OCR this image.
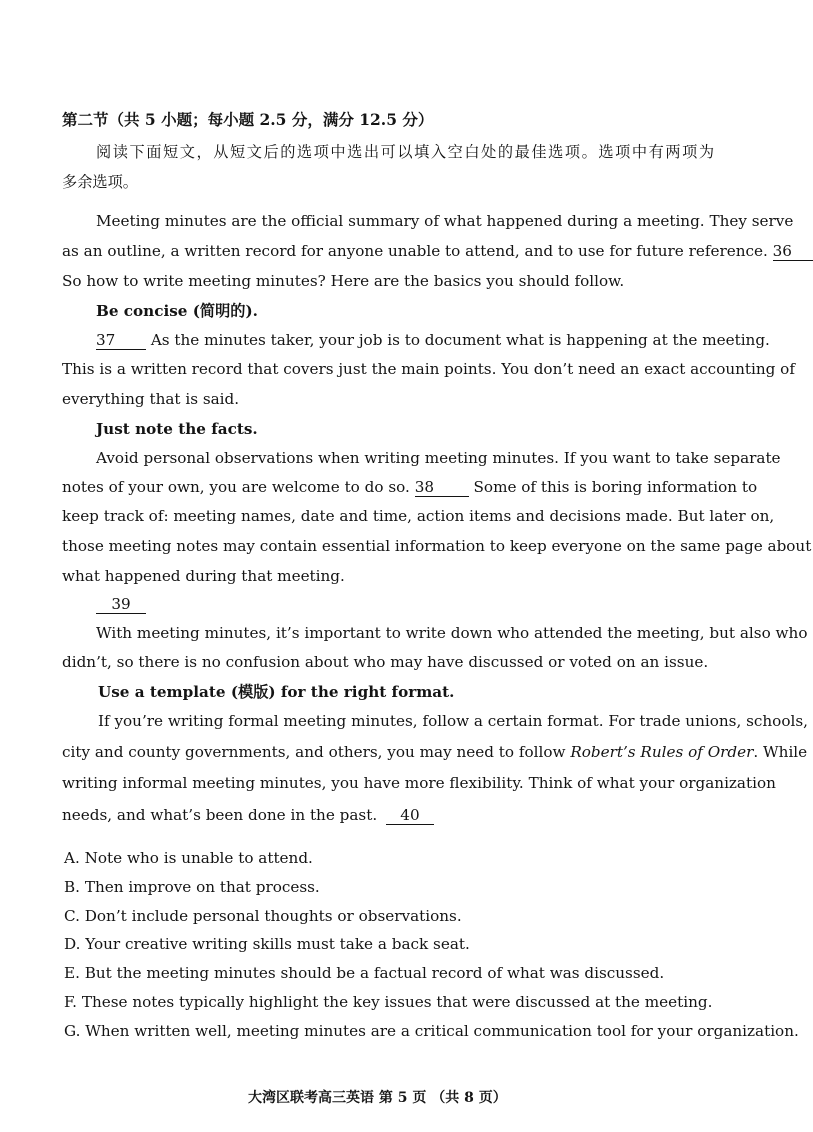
第二节（共 5 小题；每小题 2.5 分，满分 12.5 分）
阅读下面短文，从短文后的选项中选出可以填入空白处的最佳选项。选项中有两项为
多余选项。
Meeting minutes are the official summary of what happened during a meeting. They serve
as an outline, a written record for anyone unable to attend, and to use for future reference. 36
So how to write meeting minutes? Here are the basics you should follow.
Be concise (简明的).
37 As the minutes taker, your job is to document what is happening at the meeting.
This is a written record that covers just the main points. You don’t need an exact accounting of
everything that is said.
Just note the facts.
Avoid personal observations when writing meeting minutes. If you want to take separate
notes of your own, you are welcome to do so. 38	Some of this is boring information to
keep track of: meeting names, date and time, action items and decisions made. But later on,
those meeting notes may contain essential information to keep everyone on the same page about
what happened during that meeting.
39
With meeting minutes, it’s important to write down who attended the meeting, but also who
didn’t, so there is no confusion about who may have discussed or voted on an issue.
Use a template (模版) for the right format.
If you’re writing formal meeting minutes, follow a certain format. For trade unions, schools,
city and county governments, and others, you may need to follow Robert’s Rules of Order. While
writing informal meeting minutes, you have more flexibility. Think of what your organization
needs, and what’s been done in the past. 40
A. Note who is unable to attend.
B. Then improve on that process.
C. Don’t include personal thoughts or observations.
D. Your creative writing skills must take a back seat.
E. But the meeting minutes should be a factual record of what was discussed.
F. These notes typically highlight the key issues that were discussed at the meeting.
G. When written well, meeting minutes are a critical communication tool for your organization.
大湾区联考高三英语 第 5 页 （共 8 页）
